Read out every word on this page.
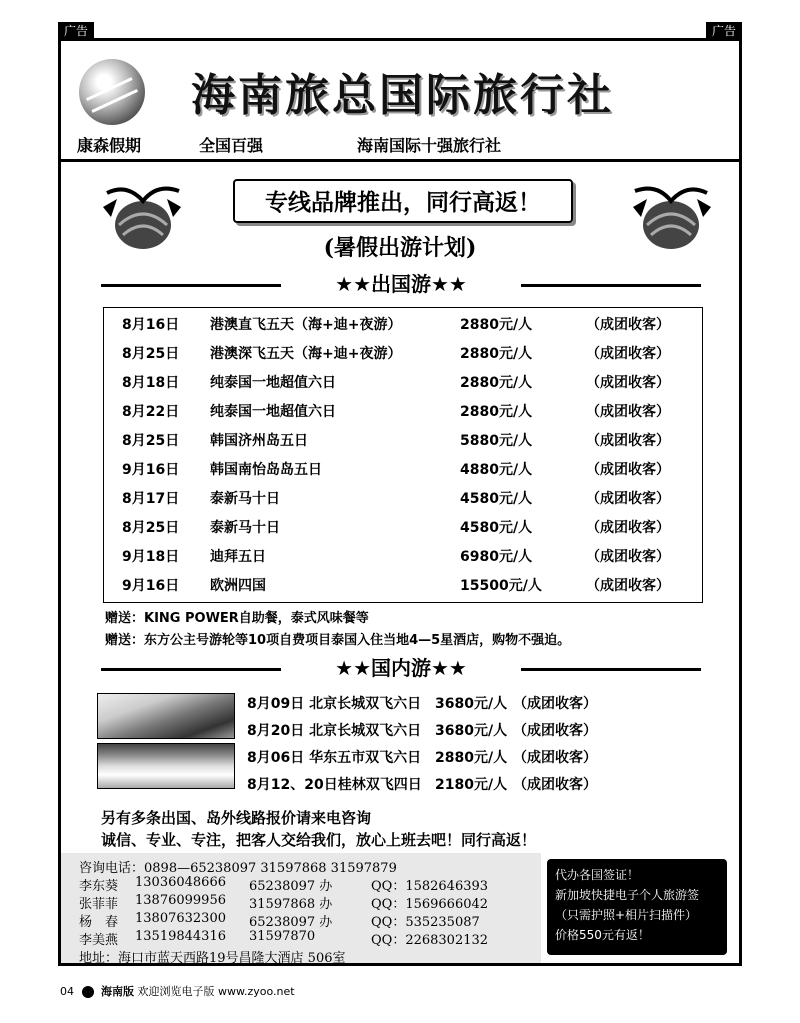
广告	广告
康森假期
海南旅总国际旅行社
全国百强	海南国际十强旅行社
专线品牌推出，同行高返！
(暑假出游计划)
★★出国游★★
8月16日 港澳直飞五天（海+迪+夜游）	2880元/人	（成团收客）
8月25日 港澳深飞五天（海+迪+夜游）	2880元/人	（成团收客）
8月18日 纯泰国一地超值六日	2880元/人	（成团收客）
8月22日 纯泰国一地超值六日	2880元/人	（成团收客）
8月25日 韩国济州岛五日	5880元/人	（成团收客）
9月16日 韩国南怡岛岛五日	4880元/人	（成团收客）
8月17日 泰新马十日	4580元/人	（成团收客）
8月25日 泰新马十日	4580元/人	（成团收客）
9月18日 迪拜五日	6980元/人	（成团收客）
9月16日 欧洲四国	15500元/人	（成团收客）
赠送：KING POWER自助餐，泰式风味餐等
赠送：东方公主号游轮等10项自费项目泰国入住当地4—5星酒店，购物不强迫。
★★国内游★★
8月09日 北京长城双飞六日 3680元/人 （成团收客）
8月20日 北京长城双飞六日 3680元/人 （成团收客）
8月06日 华东五市双飞六日 2880元/人 （成团收客）
8月12、20日桂林双飞四日 2180元/人 （成团收客）
另有多条出国、岛外线路报价请来电咨询
诚信、专业、专注，把客人交给我们，放心上班去吧！同行高返！
咨询电话：0898—65238097 31597868 31597879
李东葵 13036048666 65238097 办	QQ：1582646393
张菲菲 13876099956 31597868 办	QQ：1569666042
杨　春 13807632300 65238097 办	QQ：535235087
李美燕 13519844316 31597870	QQ：2268302132
地址：海口市蓝天西路19号昌隆大酒店 506室
代办各国签证！
新加坡快捷电子个人旅游签
（只需护照+相片扫描件）
价格550元有返！
04 海南版 欢迎浏览电子版 www.zyoo.net
